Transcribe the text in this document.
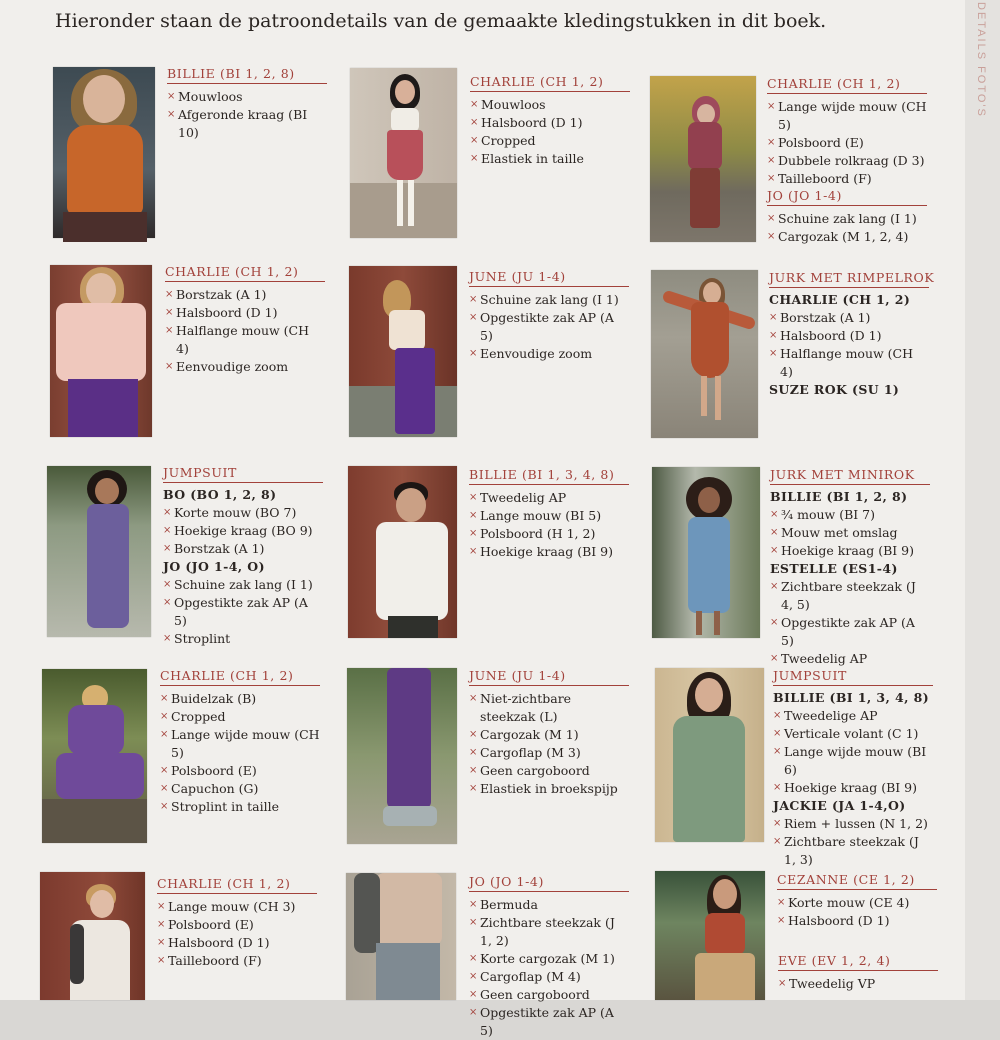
Hieronder staan de patroondetails van de gemaakte kledingstukken in dit boek.
BILLIE (BI 1, 2, 8)
× Mouwloos
× Afgeronde kraag (BI 10)
CHARLIE (CH 1, 2)
× Mouwloos
× Halsboord (D 1)
× Cropped
× Elastiek in taille
CHARLIE (CH 1, 2)
× Lange wijde mouw (CH 5)
× Polsboord (E)
× Dubbele rolkraag (D 3)
× Tailleboord (F)
JO (JO 1-4)
× Schuine zak lang (I 1)
× Cargozak (M 1, 2, 4)
CHARLIE (CH 1, 2)
× Borstzak (A 1)
× Halsboord (D 1)
× Halflange mouw (CH 4)
× Eenvoudige zoom
JUNE (JU 1-4)
× Schuine zak lang (I 1)
× Opgestikte zak AP (A 5)
× Eenvoudige zoom
JURK MET RIMPELROK
CHARLIE (CH 1, 2)
× Borstzak (A 1)
× Halsboord (D 1)
× Halflange mouw (CH 4)
SUZE ROK (SU 1)
JUMPSUIT
BO (BO 1, 2, 8)
× Korte mouw (BO 7)
× Hoekige kraag (BO 9)
× Borstzak (A 1)
JO (JO 1-4, O)
× Schuine zak lang (I 1)
× Opgestikte zak AP (A 5)
× Stroplint
BILLIE (BI 1, 3, 4, 8)
× Tweedelig AP
× Lange mouw (BI 5)
× Polsboord (H 1, 2)
× Hoekige kraag (BI 9)
JURK MET MINIROK
BILLIE (BI 1, 2, 8)
× ¾ mouw (BI 7)
× Mouw met omslag
× Hoekige kraag (BI 9)
ESTELLE (ES1-4)
× Zichtbare steekzak (J 4, 5)
× Opgestikte zak AP (A 5)
× Tweedelig AP
CHARLIE (CH 1, 2)
× Buidelzak (B)
× Cropped
× Lange wijde mouw (CH 5)
× Polsboord (E)
× Capuchon (G)
× Stroplint in taille
JUNE (JU 1-4)
× Niet-zichtbare steekzak (L)
× Cargozak (M 1)
× Cargoflap (M 3)
× Geen cargoboord
× Elastiek in broekspijp
JUMPSUIT
BILLIE (BI 1, 3, 4, 8)
× Tweedelige AP
× Verticale volant (C 1)
× Lange wijde mouw (BI 6)
× Hoekige kraag (BI 9)
JACKIE (JA 1-4,O)
× Riem + lussen (N 1, 2)
× Zichtbare steekzak (J 1, 3)
CHARLIE (CH 1, 2)
× Lange mouw (CH 3)
× Polsboord (E)
× Halsboord (D 1)
× Tailleboord (F)
JO (JO 1-4)
× Bermuda
× Zichtbare steekzak (J 1, 2)
× Korte cargozak (M 1)
× Cargoflap (M 4)
× Geen cargoboord
× Opgestikte zak AP (A 5)
CEZANNE (CE 1, 2)
× Korte mouw (CE 4)
× Halsboord (D 1)
EVE (EV 1, 2, 4)
× Tweedelig VP
DETAILS FOTO'S
